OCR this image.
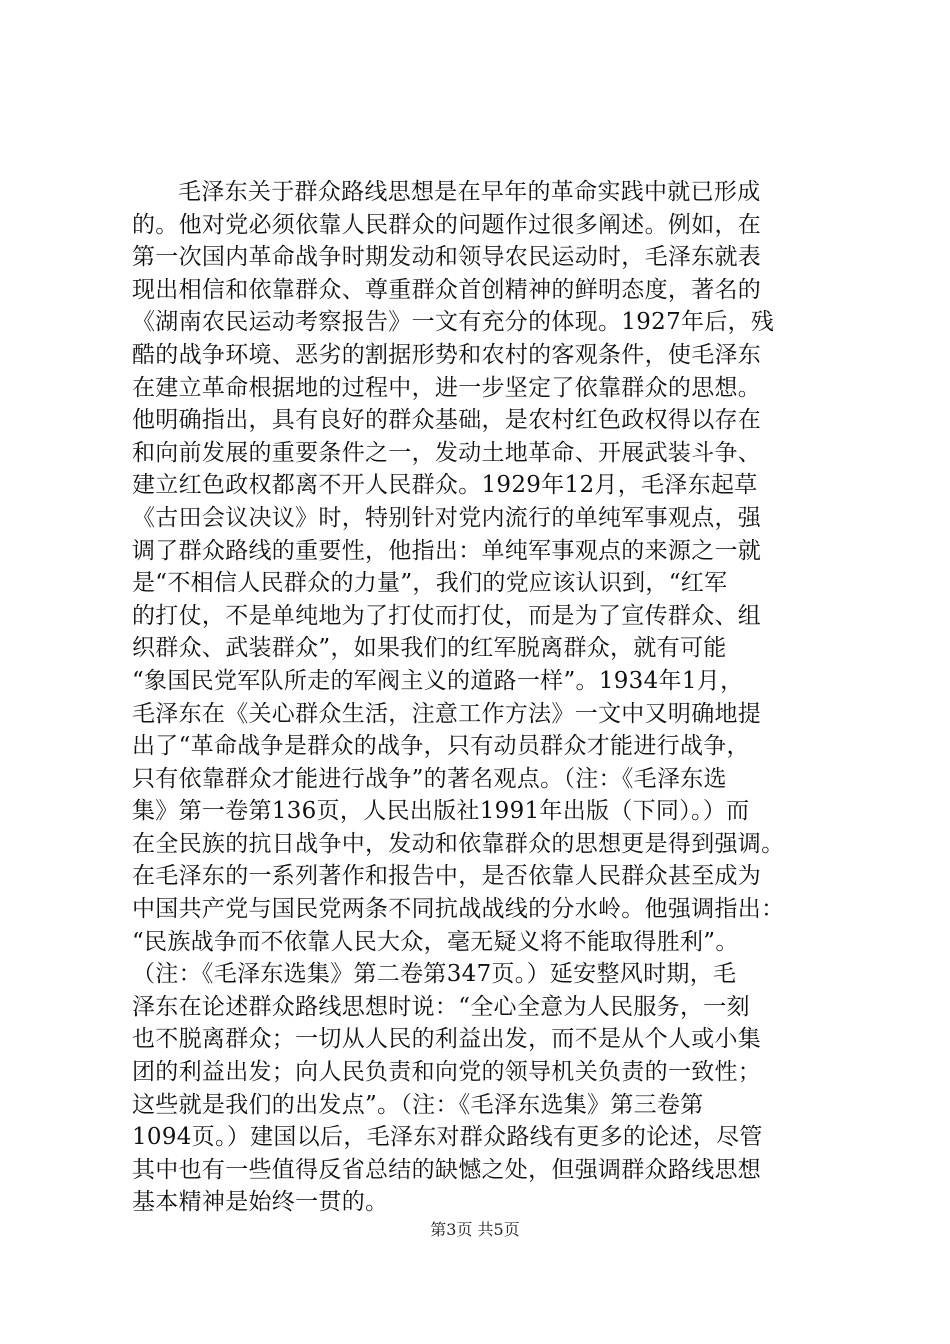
毛泽东关于群众路线思想是在早年的革命实践中就已形成
的。他对党必须依靠人民群众的问题作过很多阐述。例如，在
第一次国内革命战争时期发动和领导农民运动时，毛泽东就表
现出相信和依靠群众、尊重群众首创精神的鲜明态度，著名的
《湖南农民运动考察报告》一文有充分的体现。1927年后，残
酷的战争环境、恶劣的割据形势和农村的客观条件，使毛泽东
在建立革命根据地的过程中，进一步坚定了依靠群众的思想。
他明确指出，具有良好的群众基础，是农村红色政权得以存在
和向前发展的重要条件之一，发动土地革命、开展武装斗争、
建立红色政权都离不开人民群众。1929年12月，毛泽东起草
《古田会议决议》时，特别针对党内流行的单纯军事观点，强
调了群众路线的重要性，他指出：单纯军事观点的来源之一就
是“不相信人民群众的力量”，我们的党应该认识到，“红军
的打仗，不是单纯地为了打仗而打仗，而是为了宣传群众、组
织群众、武装群众”，如果我们的红军脱离群众，就有可能
“象国民党军队所走的军阀主义的道路一样”。1934年1月，
毛泽东在《关心群众生活，注意工作方法》一文中又明确地提
出了“革命战争是群众的战争，只有动员群众才能进行战争，
只有依靠群众才能进行战争”的著名观点。（注：《毛泽东选
集》第一卷第136页，人民出版社1991年出版（下同）。）而
在全民族的抗日战争中，发动和依靠群众的思想更是得到强调。
在毛泽东的一系列著作和报告中，是否依靠人民群众甚至成为
中国共产党与国民党两条不同抗战战线的分水岭。他强调指出：
“民族战争而不依靠人民大众，毫无疑义将不能取得胜利”。
（注：《毛泽东选集》第二卷第347页。）延安整风时期，毛
泽东在论述群众路线思想时说：“全心全意为人民服务，一刻
也不脱离群众；一切从人民的利益出发，而不是从个人或小集
团的利益出发；向人民负责和向党的领导机关负责的一致性；
这些就是我们的出发点”。（注：《毛泽东选集》第三卷第
1094页。）建国以后，毛泽东对群众路线有更多的论述，尽管
其中也有一些值得反省总结的缺憾之处，但强调群众路线思想
基本精神是始终一贯的。
第3页 共5页
